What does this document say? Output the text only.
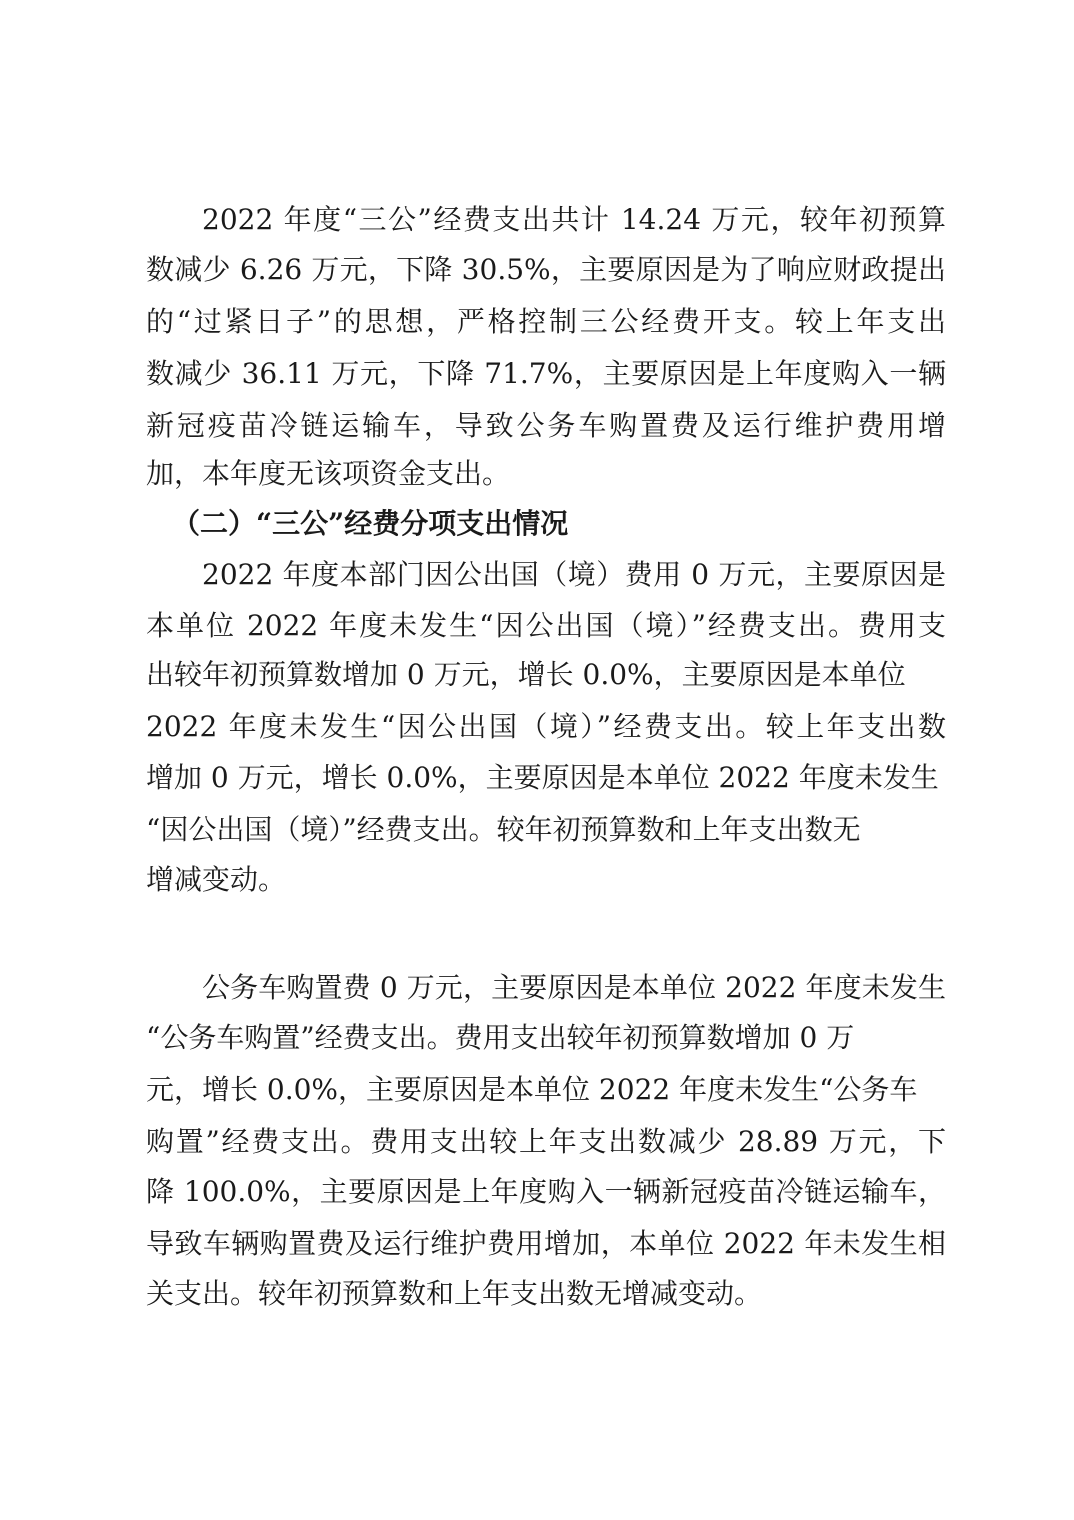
2022 年度“三公”经费支出共计 14.24 万元，较年初预算
数减少 6.26 万元，下降 30.5%，主要原因是为了响应财政提出
的“过紧日子”的思想，严格控制三公经费开支。较上年支出
数减少 36.11 万元，下降 71.7%，主要原因是上年度购入一辆
新冠疫苗冷链运输车，导致公务车购置费及运行维护费用增
加，本年度无该项资金支出。
（二）“三公”经费分项支出情况
2022 年度本部门因公出国（境）费用 0 万元，主要原因是
本单位 2022 年度未发生“因公出国（境）”经费支出。费用支
出较年初预算数增加 0 万元，增长 0.0%，主要原因是本单位
2022 年度未发生“因公出国（境）”经费支出。较上年支出数
增加 0 万元，增长 0.0%，主要原因是本单位 2022 年度未发生
“因公出国（境）”经费支出。较年初预算数和上年支出数无
增减变动。
公务车购置费 0 万元，主要原因是本单位 2022 年度未发生
“公务车购置”经费支出。费用支出较年初预算数增加 0 万
元，增长 0.0%，主要原因是本单位 2022 年度未发生“公务车
购置”经费支出。费用支出较上年支出数减少 28.89 万元，下
降 100.0%，主要原因是上年度购入一辆新冠疫苗冷链运输车，
导致车辆购置费及运行维护费用增加，本单位 2022 年未发生相
关支出。较年初预算数和上年支出数无增减变动。
